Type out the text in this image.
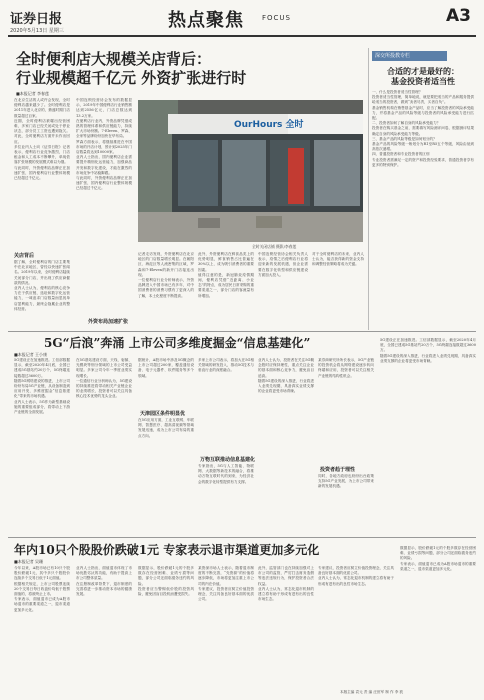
证券日报
2020年5月13日 星期三	热点聚焦	FOCUS	A3
全时便利店大规模关店背后：
行业规模超千亿元 外资扩张进行时
■本报记者 李春莲
在北京生活的人或许会发现，全时便利店越来越少了。全时便利店是2011年进入北京的，鼎盛时期门店数量超过百家。
近期，全时便利店被曝出经营困难，多家门店已经关闭或处于停业状态，部分员工工资也遭到拖欠。对此，全时便利店方面并未作出回应。
多位业内人士向《证券日报》记者表示，便利店行业竞争激烈，门店租金和人工成本不断攀升，单纯依靠扩张规模的发展模式难以为继。
与此同时，外资便利店品牌正在加速扩张，国内便利店行业整体规模已经超过千亿元。
关店背后
据了解，全时便利店的门店主要集中在北京地区，曾经以快速扩张闻名。2019年以来，全时便利店陆续关闭部分门店，并出现了供应商催款的情况。
业内人士认为，便利店的核心竞争力在于供应链、选址和数字化运营能力，一味追求门店数量而忽视单店盈利能力，最终会拖累企业的整体经营。
中国连锁经营协会发布的数据显示，2019年中国便利店行业销售额达到2556亿元，门店总数达到13.2万家。
在便利店行业内，外资品牌凭借成熟的管理体系和供应链能力，持续扩大市场份额。7-Eleven、罗森、全家等品牌纷纷加快在华布局。
罗森方面表示，将继续推进在中国市场的开店计划，预计到2025年门店数量将达到10000家。
业内人士指出，国内便利店企业需要提升精细化运营能力，加强商品开发和数字化建设，才能在激烈的市场竞争中站稳脚跟。
与此同时，外资便利店品牌正在加速扩张，国内便利店行业整体规模已经超过千亿元。
OurHours 全时
全时关闭店铺 摄影/李春莲
记者走访发现，外资便利店在北京地区的门店数量增长明显。在朝阳区、海淀区等人流密集的区域，罗森和7-Eleven的新开门店接连出现。
一位便利店行业分析师表示，外资品牌进入中国市场已有多年，对中国消费者的消费习惯有了更深入的了解，本土化程度不断提高。
外资布局加速扩张
此外，外资便利店在鲜食品类上的优势明显，鲜食销售占比普遍在30%以上，成为吸引消费者的重要因素。
值得注意的是，新冠肺炎疫情期间，便利店凭借“近距离、小业态”的特点，成为居民日常采购的重要渠道之一，部分门店的客流量有所增加。
中国连锁经营协会相关负责人表示，疫情之后便利店行业将迎来新的发展机遇，但企业需要在数字化转型和供应链建设方面加大投入。
对于全时便利店的未来，业内人士认为，能否获得新的资金支持和调整经营策略将成为关键。
深交所投教专栏
合适的才是最好的：
基金投资者适当性
一、什么是投资者适当性管理？
投资者适当性管理，简单地说，就是要把适当的产品和服务提供给适当的投资者，做到“卖者尽责，买者自负”。
基金销售机构在销售基金产品时，应当了解投资者的风险承受能力，并将基金产品的风险等级与投资者的风险承受能力进行匹配。
二、投资者如何了解自身的风险承受能力？
投资者在购买基金之前，需要填写风险测评问卷，根据测评结果确定自身的风险承受能力等级。
三、基金产品的风险等级是如何划分的？
基金产品的风险等级一般划分为R1至R5五个等级，风险由低到高依次递增。
四、普通投资者和专业投资者的区别
专业投资者需满足一定的资产和投资经验要求，普通投资者享有更多的特别保护。
5G“后浪”奔涌 上市公司多维度掘金“信息基建化”
■本报记者 王小康
5G建设正在加速推进。工信部数据显示，截至2020年4月底，全国已建成5G基站约20万个，5G终端连接数超过3600万。
随着5G网络建设的推进，上市公司纷纷布局5G产业链，从设备制造到应用开发，多维度掘金“信息基建化”带来的市场机遇。
业内人士表示，5G作为新型基础设施的重要组成部分，将带动上下游产业链的全面发展。
在5G基站建设方面，天线、射频、光模块等细分领域的上市公司受益明显。多家公司今年一季度业绩实现增长。
一位通信行业分析师认为，5G建设的持续推进将带动相关产业链企业的业绩增长，投资者可以关注具备核心技术优势的龙头企业。
天津园区条件明显优
据统计，A股市场中涉及5G概念的上市公司超过200家，覆盖通信设备、电子元器件、软件服务等多个领域。
在5G应用方面，工业互联网、车联网、智慧医疗、超高清视频等领域发展迅速，成为上市公司布局的重点方向。
万物互联推动信息基建化
多家上市公司表示，将加大在5G相关领域的研发投入，推动5G技术与垂直行业的深度融合。
专家指出，5G与人工智能、物联网、大数据等新技术的融合，将推动万物互联时代的到来，为经济社会的数字化转型提供有力支撑。
业内人士认为，投资者在关注5G概念股时应保持理性，重点关注企业的基本面和核心竞争力，避免盲目追高。
随着5G建设的深入推进，行业将进入业绩兑现期，具备真实业绩支撑的企业将更受市场青睐。
投资者趋于理性
某券商研究所所长表示，5G产业链的投资机会将从网络建设逐步转向终端和应用，投资者可以关注相关产业链的结构性机会。
同时，各地方政府也纷纷出台政策支持5G产业发展，为上市公司带来新的发展机遇。
5G建设正在加速推进。工信部数据显示，截至2020年4月底，全国已建成5G基站约20万个，5G终端连接数超过3600万。
随着5G建设的深入推进，行业将进入业绩兑现期，具备真实业绩支撑的企业将更受市场青睐。
年内10只个股股价跌破1元 专家表示退市渠道更加多元化
■本报记者 吴珊
今年以来，A股市场已有10只个股股价跌破1元，其中多只个股股价连续多个交易日低于1元面值。
根据相关规定，上市公司股票连续20个交易日每日收盘价均低于股票面值的，将被终止上市。
专家表示，面值退市已成为A股市场退市的重要渠道之一，退市渠道更加多元化。
业内人士指出，面值退市体现了市场优胜劣汰的功能，有助于提高上市公司整体质量。
在注册制改革背景下，退市制度的完善将进一步推动资本市场的健康发展。
数据显示，股价跌破1元的个股多数存在经营困难、业绩亏损等问题，部分公司还面临债务违约的风险。
投资者应当警惕低价股的投资风险，避免因盲目投机而遭受损失。
某资深市场人士表示，随着退市制度的不断完善，“壳资源”的价值将逐步降低，市场将更加注重上市公司的内在价值。
专家建议，投资者应树立价值投资理念，关注具备良好基本面的优质公司。
此外，监管部门也在持续加强对上市公司的监管，严厉打击财务造假等违法违规行为，保护投资者合法权益。
业内人士认为，常态化退市机制的建立将有助于形成有进有出的良性市场生态。
专家建议，投资者应树立价值投资理念，关注具备良好基本面的优质公司。
业内人士认为，常态化退市机制的建立将有助于形成有进有出的良性市场生态。
数据显示，股价跌破1元的个股多数存在经营困难、业绩亏损等问题，部分公司还面临债务违约的风险。
专家表示，面值退市已成为A股市场退市的重要渠道之一，退市渠道更加多元化。
本版主编 袁元 责 编 汪世军 制 作 李 波
